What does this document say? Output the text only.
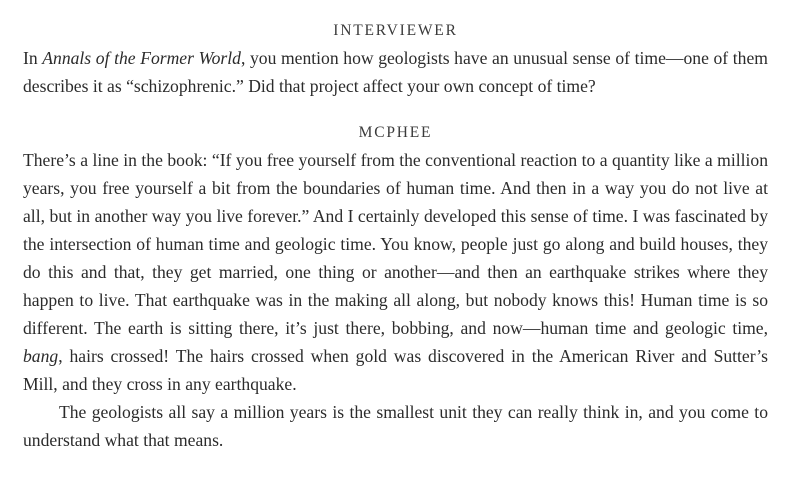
INTERVIEWER

In Annals of the Former World, you mention how geologists have an unusual sense of time—one of them describes it as “schizophrenic.” Did that project affect your own concept of time?

MCPHEE

There’s a line in the book: “If you free yourself from the conventional reaction to a quantity like a million years, you free yourself a bit from the boundaries of human time. And then in a way you do not live at all, but in another way you live forever.” And I certainly developed this sense of time. I was fascinated by the intersection of human time and geologic time. You know, people just go along and build houses, they do this and that, they get married, one thing or another—and then an earthquake strikes where they happen to live. That earthquake was in the making all along, but nobody knows this! Human time is so different. The earth is sitting there, it’s just there, bobbing, and now—human time and geologic time, bang, hairs crossed! The hairs crossed when gold was discovered in the American River and Sutter’s Mill, and they cross in any earthquake.

The geologists all say a million years is the smallest unit they can really think in, and you come to understand what that means.
